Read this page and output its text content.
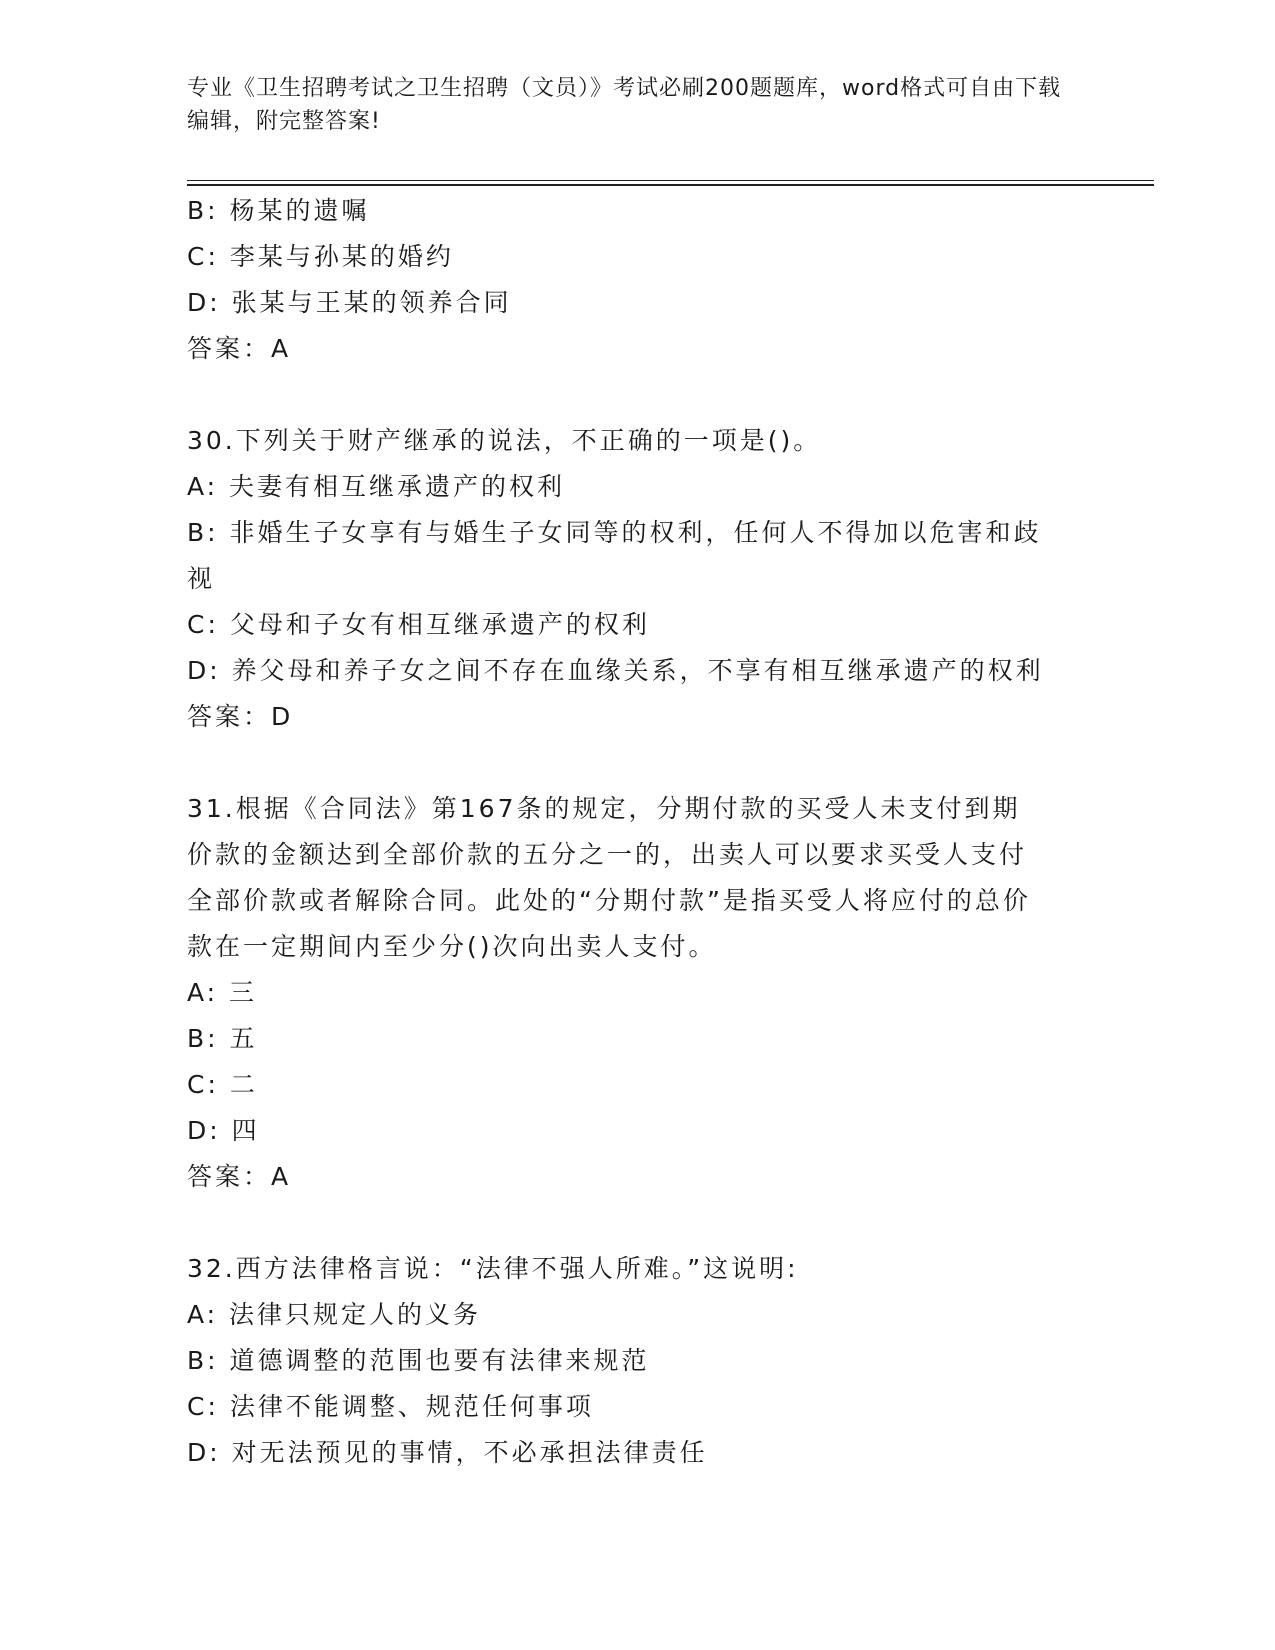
专业《卫生招聘考试之卫生招聘（文员）》考试必刷200题题库，word格式可自由下载编辑，附完整答案!

B: 杨某的遗嘱

C: 李某与孙某的婚约

D: 张某与王某的领养合同

答案：A

30.下列关于财产继承的说法，不正确的一项是()。

A: 夫妻有相互继承遗产的权利

B: 非婚生子女享有与婚生子女同等的权利，任何人不得加以危害和歧视

C: 父母和子女有相互继承遗产的权利

D: 养父母和养子女之间不存在血缘关系，不享有相互继承遗产的权利

答案：D

31.根据《合同法》第167条的规定，分期付款的买受人未支付到期价款的金额达到全部价款的五分之一的，出卖人可以要求买受人支付全部价款或者解除合同。此处的“分期付款”是指买受人将应付的总价款在一定期间内至少分()次向出卖人支付。

A: 三

B: 五

C: 二

D: 四

答案：A

32.西方法律格言说：“法律不强人所难。”这说明:

A: 法律只规定人的义务

B: 道德调整的范围也要有法律来规范

C: 法律不能调整、规范任何事项

D: 对无法预见的事情，不必承担法律责任
